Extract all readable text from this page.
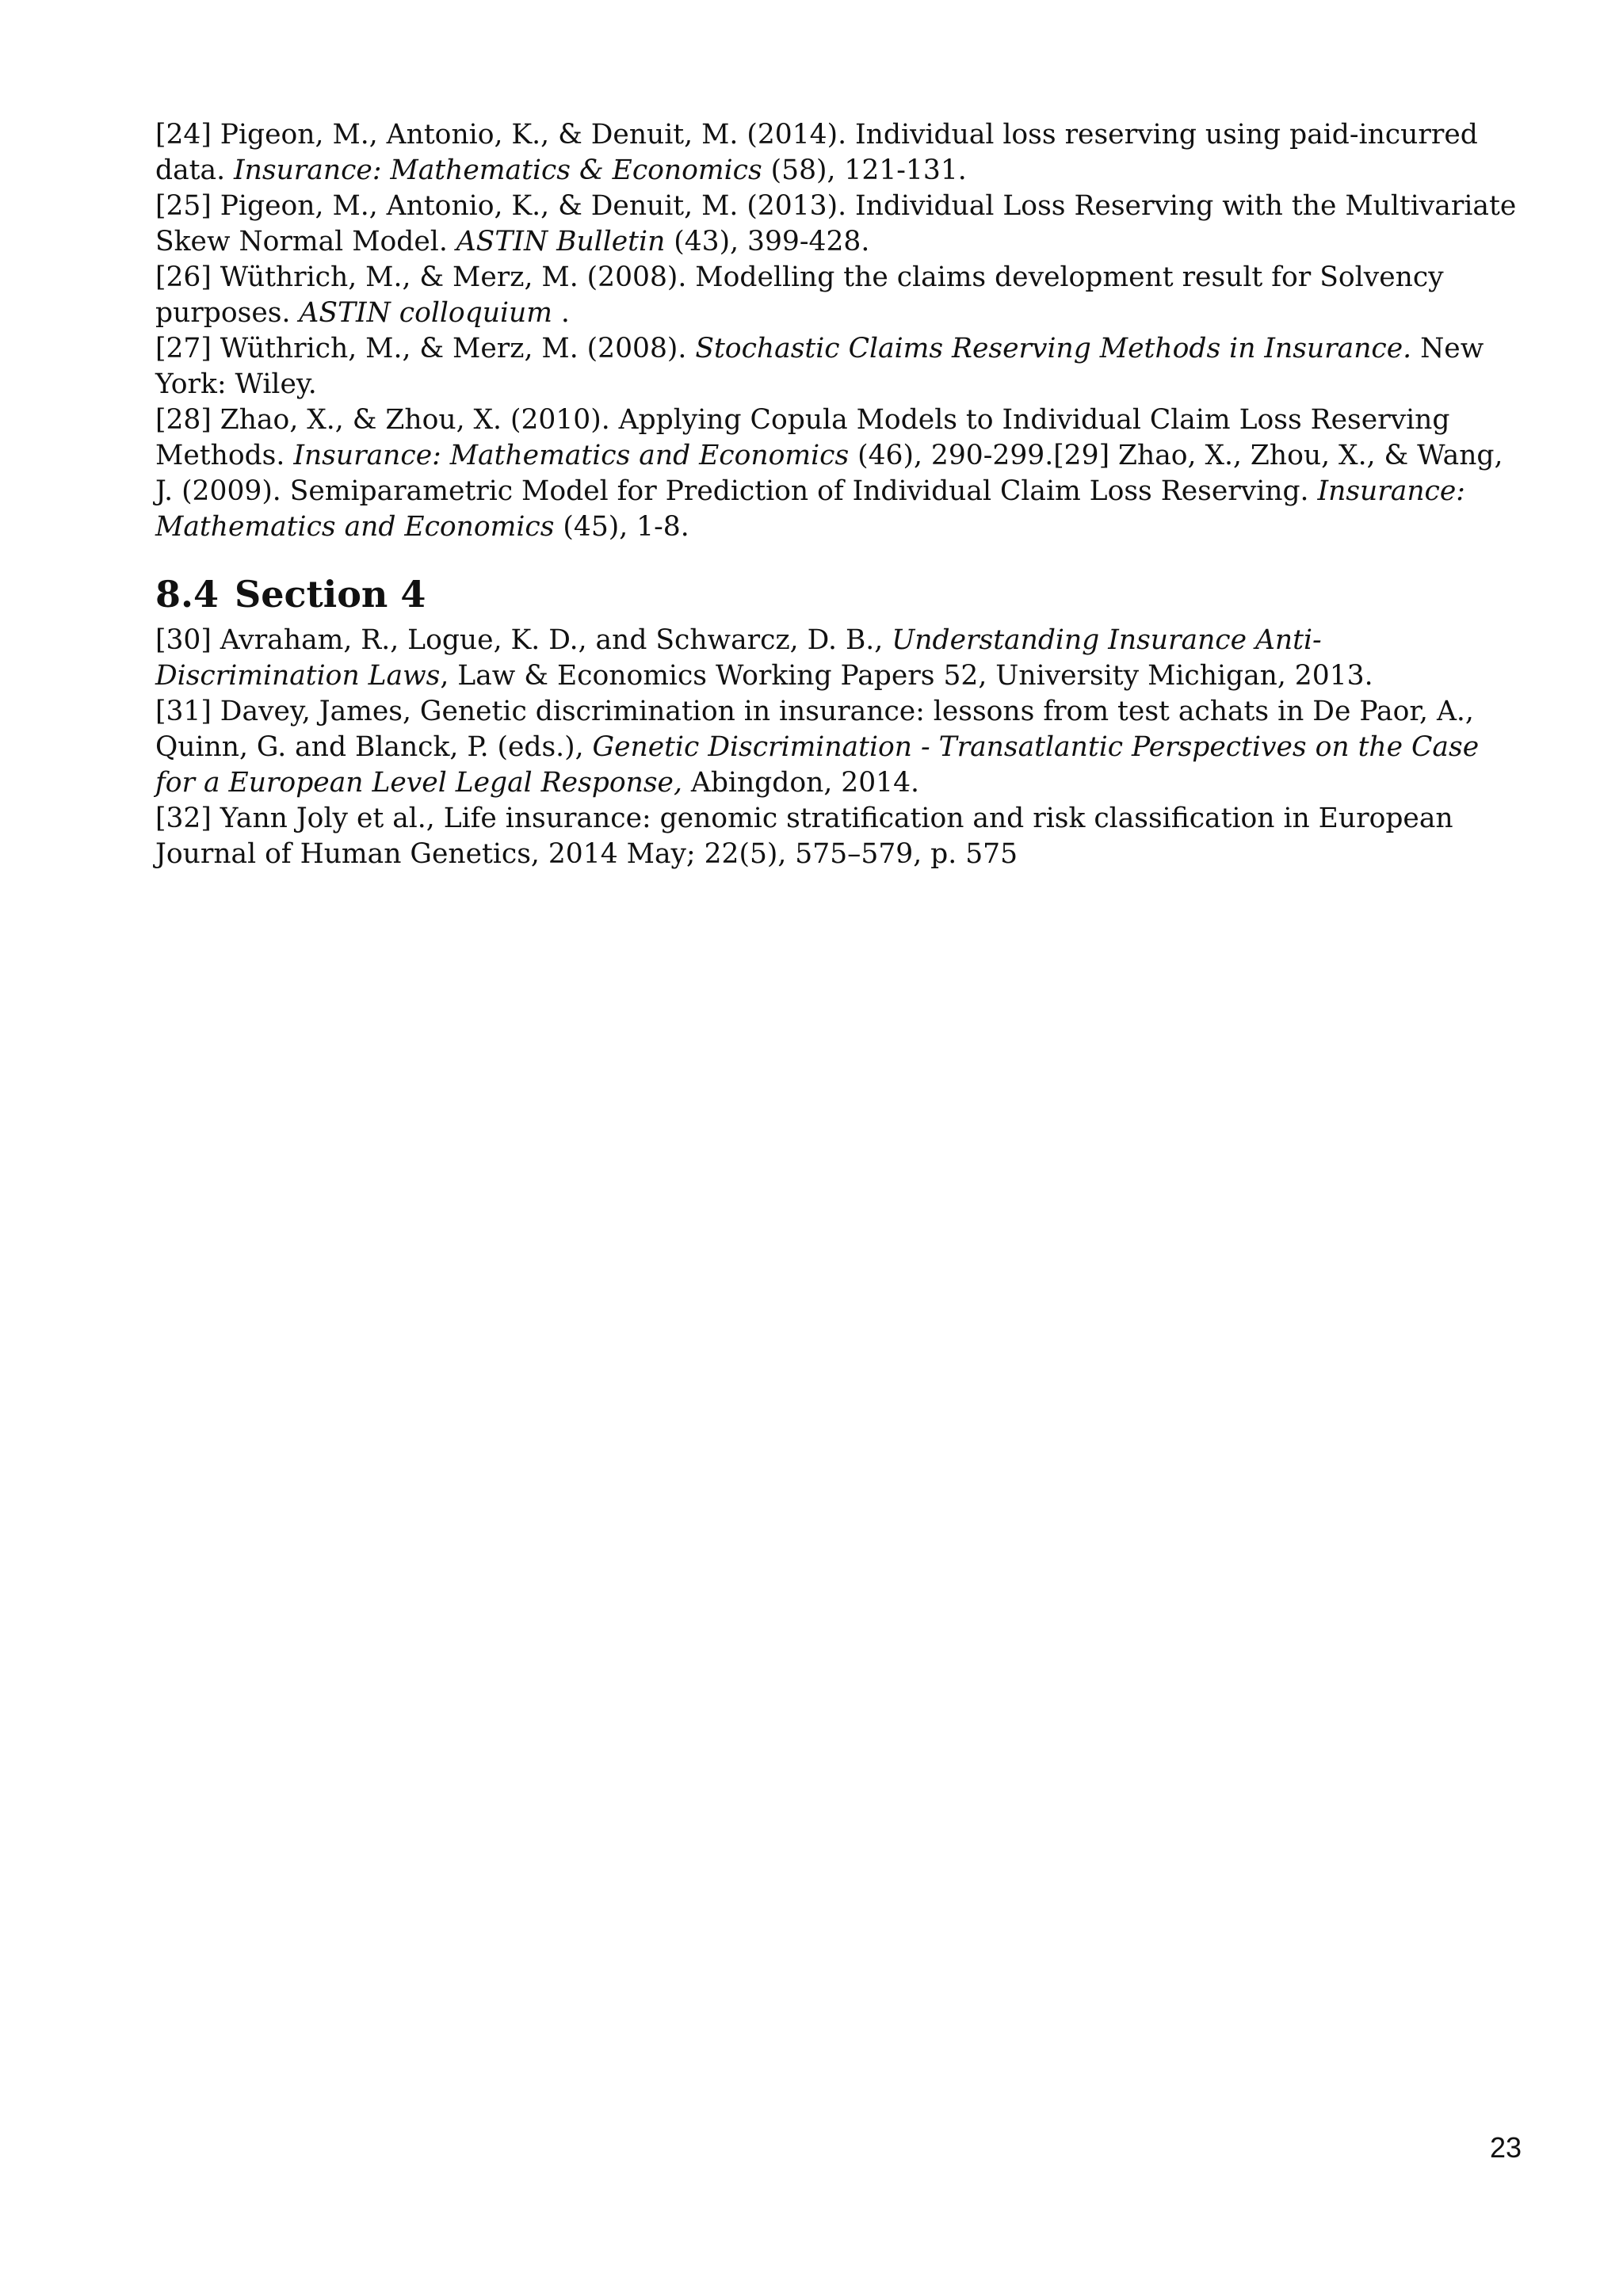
[24] Pigeon, M., Antonio, K., & Denuit, M. (2014). Individual loss reserving using paid-incurred data. Insurance: Mathematics & Economics (58), 121-131.

[25] Pigeon, M., Antonio, K., & Denuit, M. (2013). Individual Loss Reserving with the Multivariate Skew Normal Model. ASTIN Bulletin (43), 399-428.

[26] Wüthrich, M., & Merz, M. (2008). Modelling the claims development result for Solvency purposes. ASTIN colloquium .

[27] Wüthrich, M., & Merz, M. (2008). Stochastic Claims Reserving Methods in Insurance. New York: Wiley.

[28] Zhao, X., & Zhou, X. (2010). Applying Copula Models to Individual Claim Loss Reserving Methods. Insurance: Mathematics and Economics (46), 290-299.[29] Zhao, X., Zhou, X., & Wang, J. (2009). Semiparametric Model for Prediction of Individual Claim Loss Reserving. Insurance: Mathematics and Economics (45), 1-8.

8.4 Section 4

[30] Avraham, R., Logue, K. D., and Schwarcz, D. B., Understanding Insurance Anti-Discrimination Laws, Law & Economics Working Papers 52, University Michigan, 2013.

[31] Davey, James, Genetic discrimination in insurance: lessons from test achats in De Paor, A., Quinn, G. and Blanck, P. (eds.), Genetic Discrimination - Transatlantic Perspectives on the Case for a European Level Legal Response, Abingdon, 2014.

[32] Yann Joly et al., Life insurance: genomic stratification and risk classification in European Journal of Human Genetics, 2014 May; 22(5), 575–579, p. 575

23
